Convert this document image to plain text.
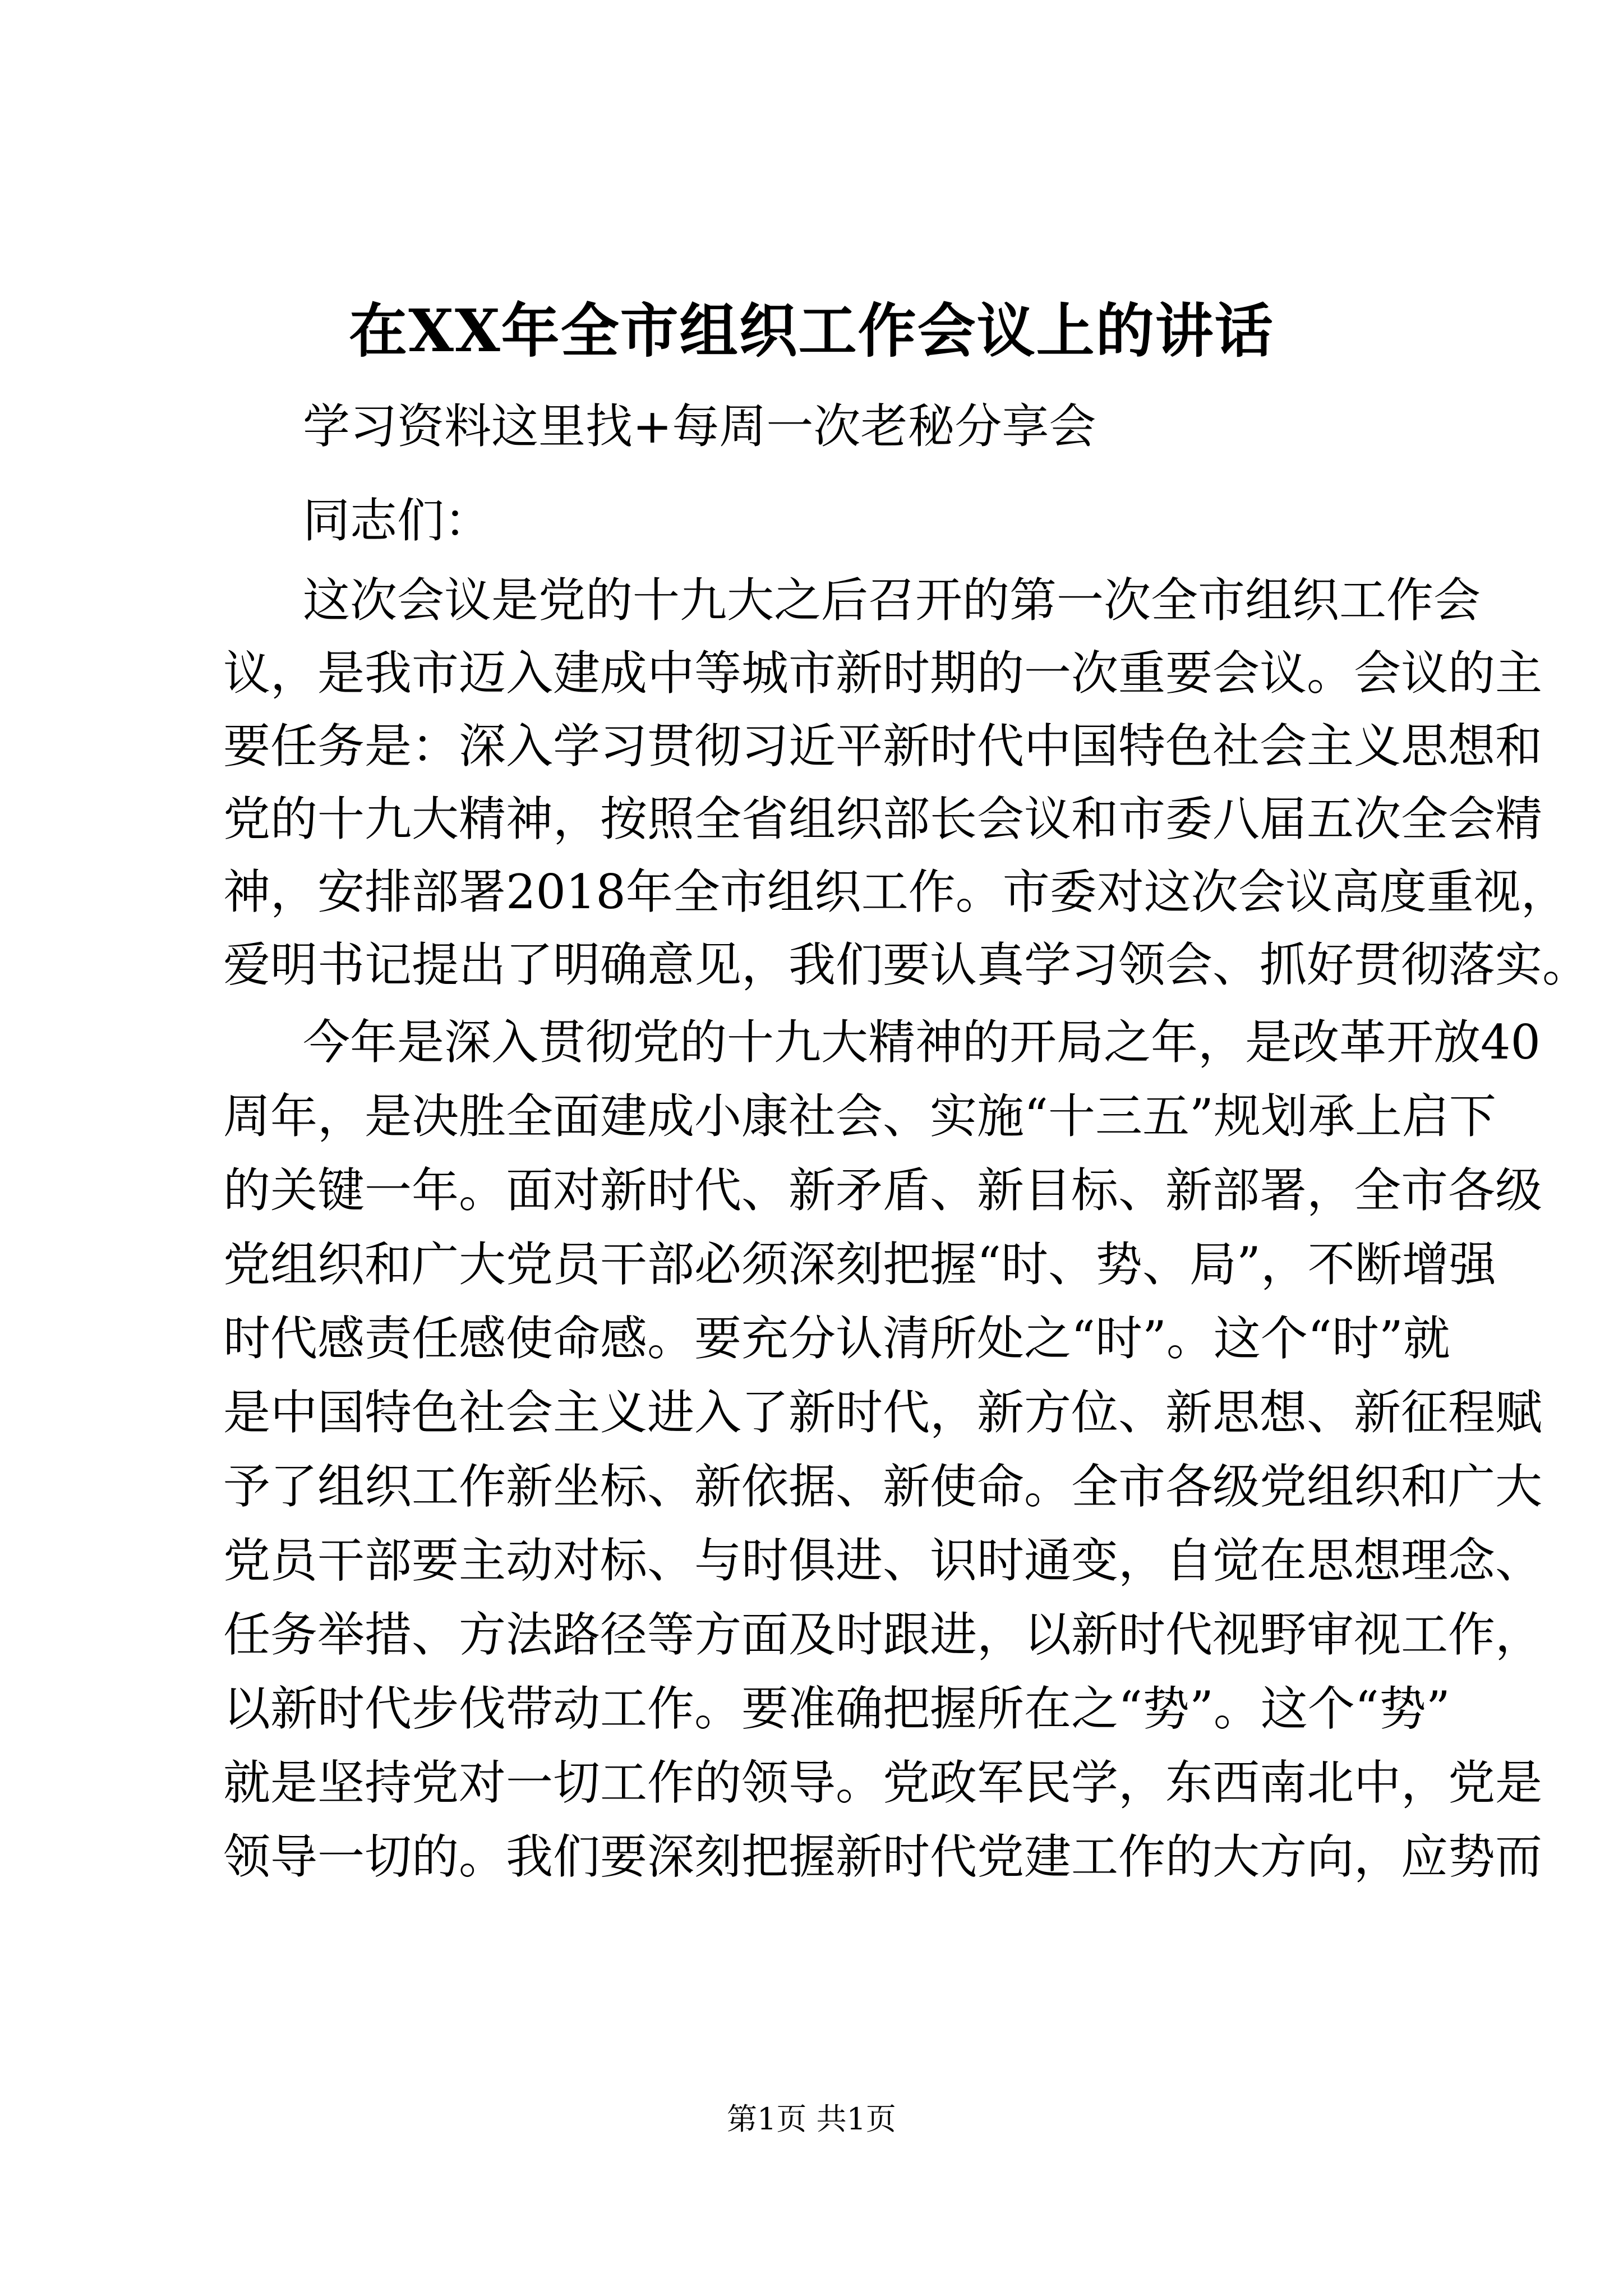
在XX年全市组织工作会议上的讲话
学习资料这里找+每周一次老秘分享会
同志们：
这次会议是党的十九大之后召开的第一次全市组织工作会
议，是我市迈入建成中等城市新时期的一次重要会议。会议的主
要任务是：深入学习贯彻习近平新时代中国特色社会主义思想和
党的十九大精神，按照全省组织部长会议和市委八届五次全会精
神，安排部署2018年全市组织工作。市委对这次会议高度重视，
爱明书记提出了明确意见，我们要认真学习领会、抓好贯彻落实。
今年是深入贯彻党的十九大精神的开局之年，是改革开放40
周年，是决胜全面建成小康社会、实施“十三五”规划承上启下
的关键一年。面对新时代、新矛盾、新目标、新部署，全市各级
党组织和广大党员干部必须深刻把握“时、势、局”，不断增强
时代感责任感使命感。要充分认清所处之“时”。这个“时”就
是中国特色社会主义进入了新时代，新方位、新思想、新征程赋
予了组织工作新坐标、新依据、新使命。全市各级党组织和广大
党员干部要主动对标、与时俱进、识时通变，自觉在思想理念、
任务举措、方法路径等方面及时跟进，以新时代视野审视工作，
以新时代步伐带动工作。要准确把握所在之“势”。这个“势”
就是坚持党对一切工作的领导。党政军民学，东西南北中，党是
领导一切的。我们要深刻把握新时代党建工作的大方向，应势而
第1页 共1页
